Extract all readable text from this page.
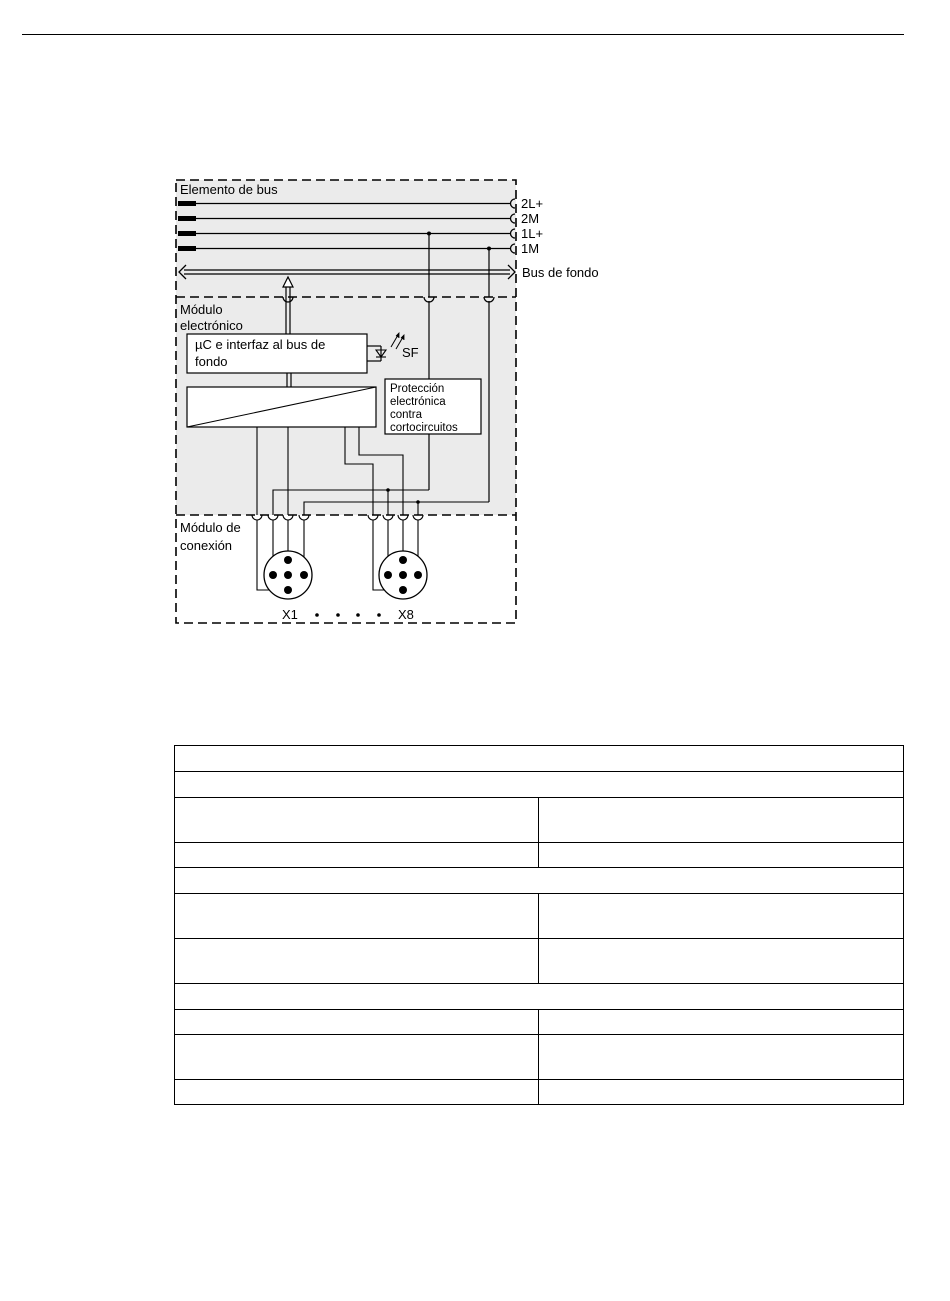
Elemento de bus
2L+
2M
1L+
1M
Bus de fondo
Módulo
electrónico
µC e interfaz al bus de
fondo
SF
Protección
electrónica
contra
cortocircuitos
Módulo de
conexión
X1	X8
